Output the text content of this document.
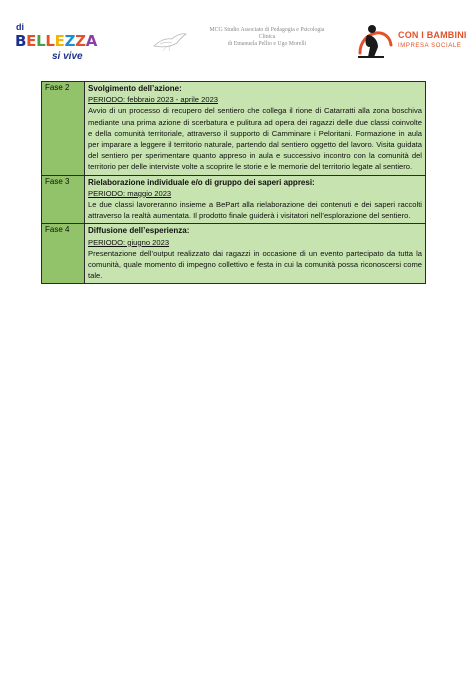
di
BELLEZZA
si vive
MCG Studio Associato di Pedagogia e Psicologia
Clinica
di Emanuela Pellio e Ugo Morelli
CON I BAMBINI
IMPRESA SOCIALE
Fase 2	Svolgimento dell’azione:
PERIODO: febbraio 2023 - aprile 2023
Avvio di un processo di recupero del sentiero che collega il rione di Catarratti alla zona boschiva mediante una prima azione di scerbatura e pulitura ad opera dei ragazzi delle due classi coinvolte e della comunità territoriale, attraverso il supporto di Camminare i Peloritani. Formazione in aula per imparare a leggere il territorio naturale, partendo dal sentiero oggetto del lavoro. Visita guidata del sentiero per sperimentare quanto appreso in aula e successivo incontro con la comunità del territorio per delle interviste volte a scoprire le storie e le memorie del territorio legate al sentiero.

Fase 3	Rielaborazione individuale e/o di gruppo dei saperi appresi:
PERIODO: maggio 2023
Le due classi lavoreranno insieme a BePart alla rielaborazione dei contenuti e dei saperi raccolti attraverso la realtà aumentata. Il prodotto finale guiderà i visitatori nell’esplorazione del sentiero.

Fase 4	Diffusione dell’esperienza:
PERIODO: giugno 2023
Presentazione dell’output realizzato dai ragazzi in occasione di un evento partecipato da tutta la comunità, quale momento di impegno collettivo e festa in cui la comunità possa riconoscersi come tale.
